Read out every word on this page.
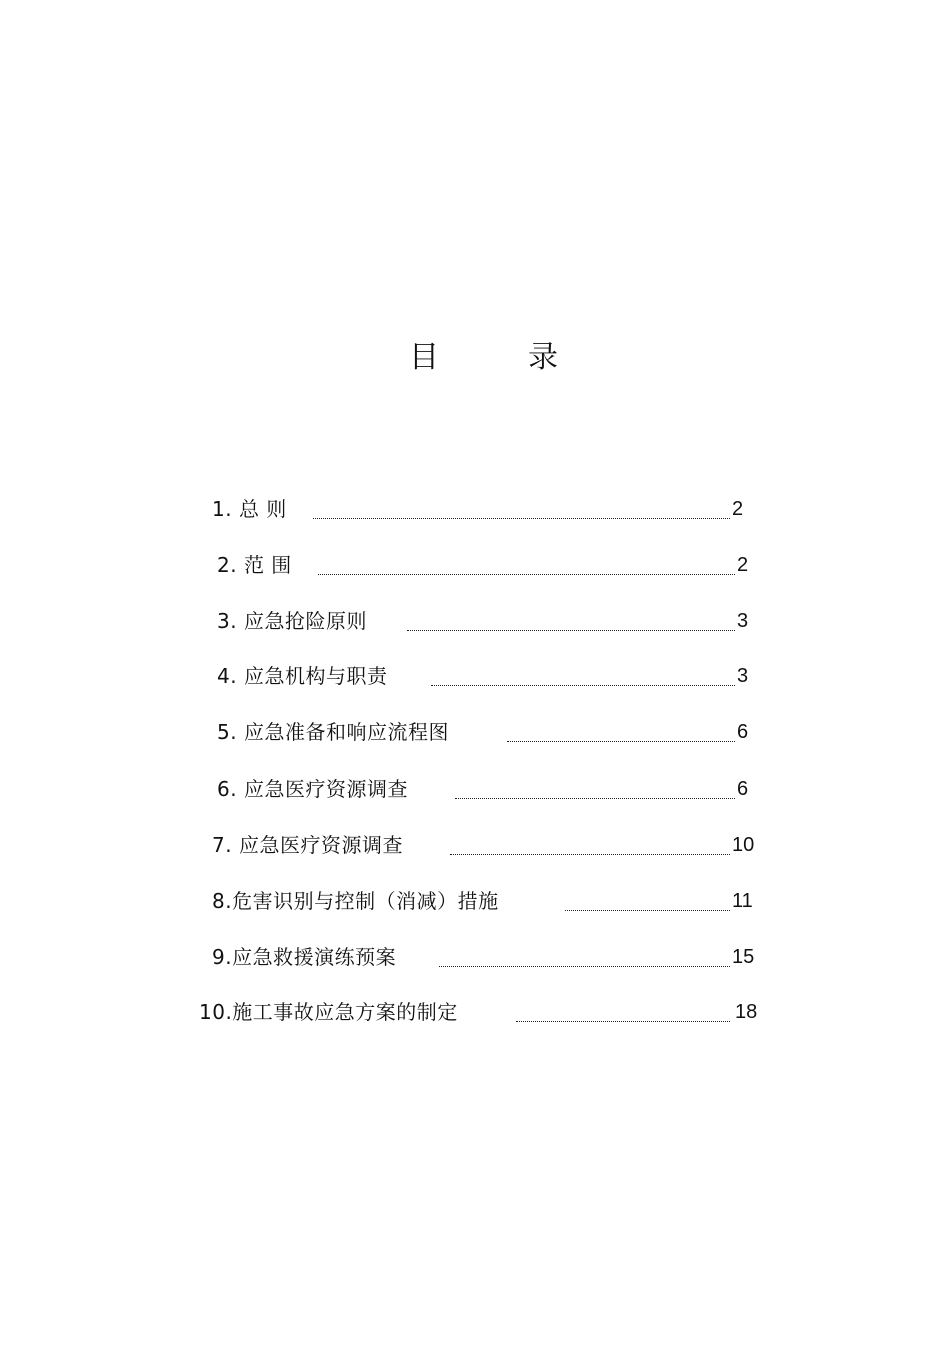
目	录
1. 总 则	2
2. 范 围	2
3. 应急抢险原则	3
4. 应急机构与职责	3
5. 应急准备和响应流程图	6
6. 应急医疗资源调查	6
7. 应急医疗资源调查	10
8.危害识别与控制（消减）措施	11
9.应急救援演练预案	15
10.施工事故应急方案的制定	18
